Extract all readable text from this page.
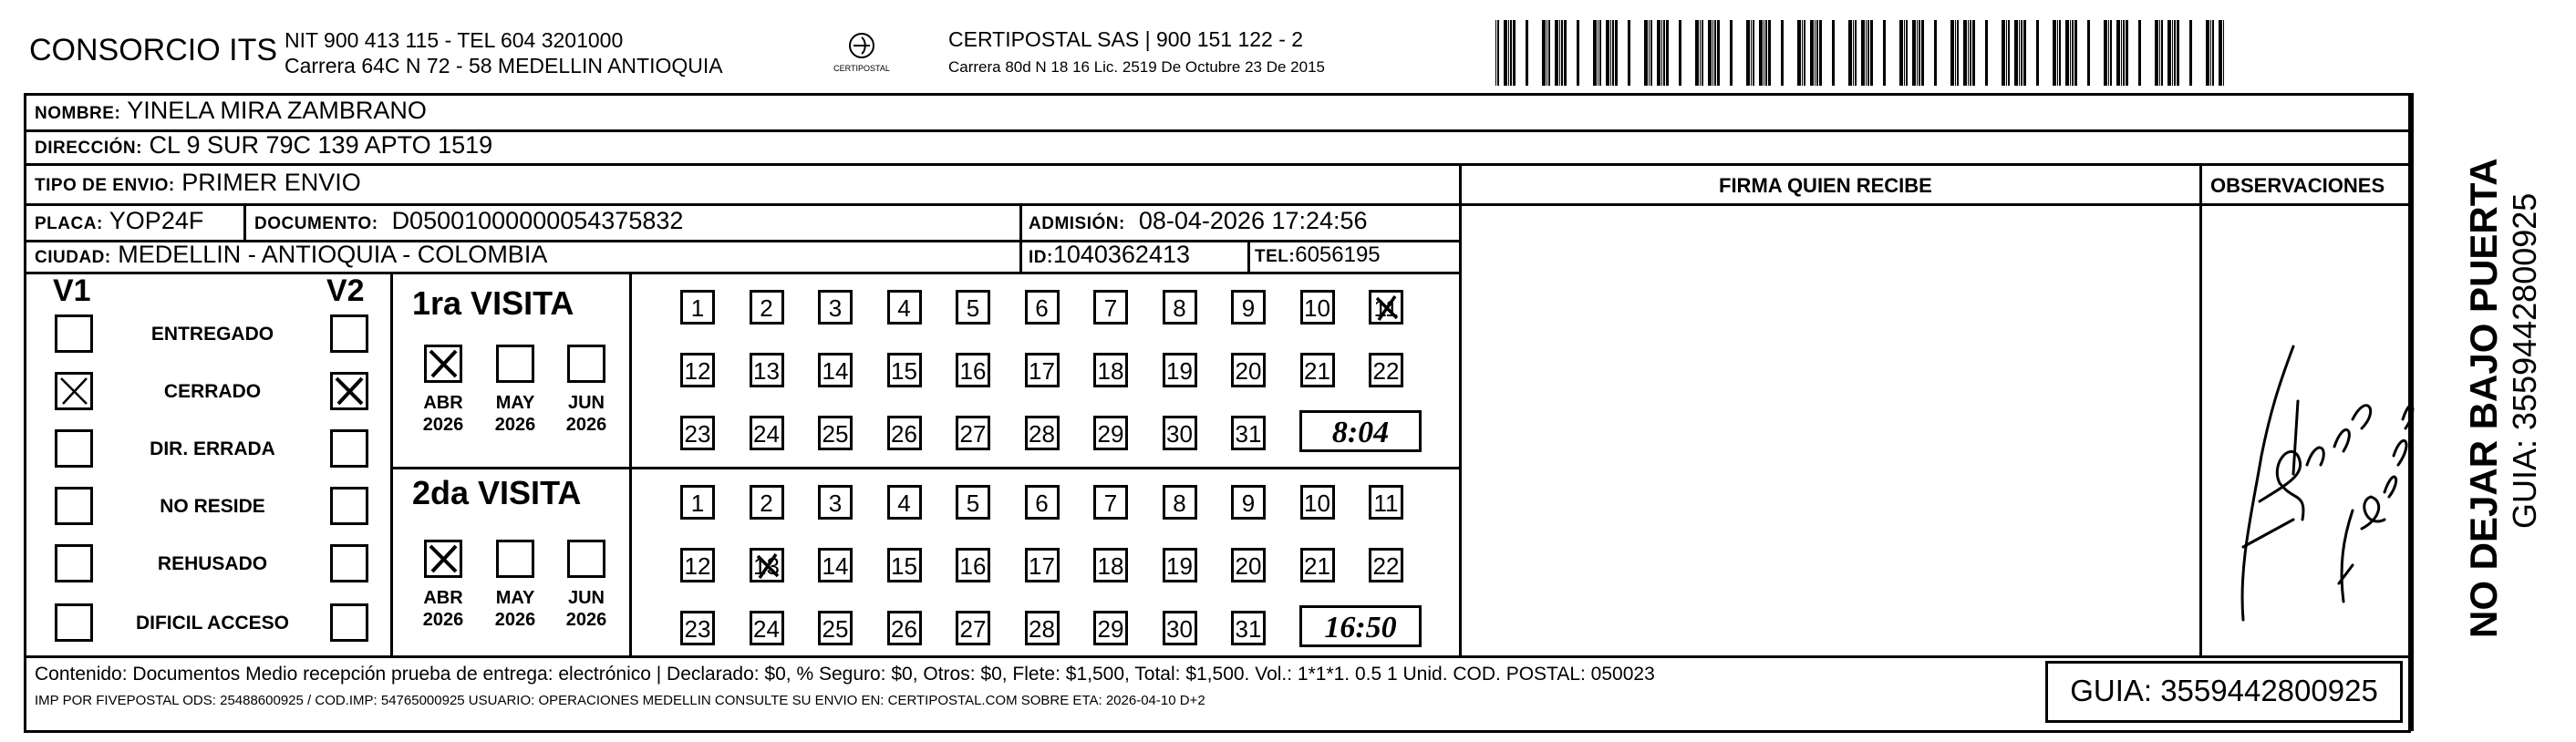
CONSORCIO ITS NIT 900 413 115 - TEL 604 3201000
Carrera 64C N 72 - 58 MEDELLIN ANTIOQUIA	CERTIPOSTAL
CERTIPOSTAL SAS | 900 151 122 - 2
Carrera 80d N 18 16 Lic. 2519 De Octubre 23 De 2015
NOMBRE: YINELA MIRA ZAMBRANO
DIRECCIÓN: CL 9 SUR 79C 139 APTO 1519
TIPO DE ENVIO: PRIMER ENVIO
PLACA: YOP24F	DOCUMENTO: D05001000000054375832	ADMISIÓN: 08-04-2026 17:24:56
CIUDAD: MEDELLIN - ANTIOQUIA - COLOMBIA	ID:1040362413	TEL:6056195
FIRMA QUIEN RECIBE	OBSERVACIONES
V1	V2
ENTREGADO
CERRADO
DIR. ERRADA
NO RESIDE
REHUSADO
DIFICIL ACCESO
1ra VISITA
2da VISITA
ABR
2026
MAY
2026
JUN
2026
1	2	3	4	5	6	7	8	9	10 11
12 13 14 15 16 17 18 19 20 21 22
23 24 25 26 27 28 29 30 31 8:04
ABR
2026
MAY
2026
JUN
2026
1	2	3	4	5	6	7	8	9	10 11
12 13 14 15 16 17 18 19 20 21 22
23 24 25 26 27 28 29 30 31 16:50
Contenido: Documentos Medio recepción prueba de entrega: electrónico | Declarado: $0, % Seguro: $0, Otros: $0, Flete: $1,500, Total: $1,500. Vol.: 1*1*1. 0.5 1 Unid. COD. POSTAL: 050023
IMP POR FIVEPOSTAL ODS: 25488600925 / COD.IMP: 54765000925 USUARIO: OPERACIONES MEDELLIN CONSULTE SU ENVIO EN: CERTIPOSTAL.COM SOBRE ETA: 2026-04-10 D+2	GUIA: 3559442800925
NO DEJAR BAJO PUERTA GUIA: 3559442800925
